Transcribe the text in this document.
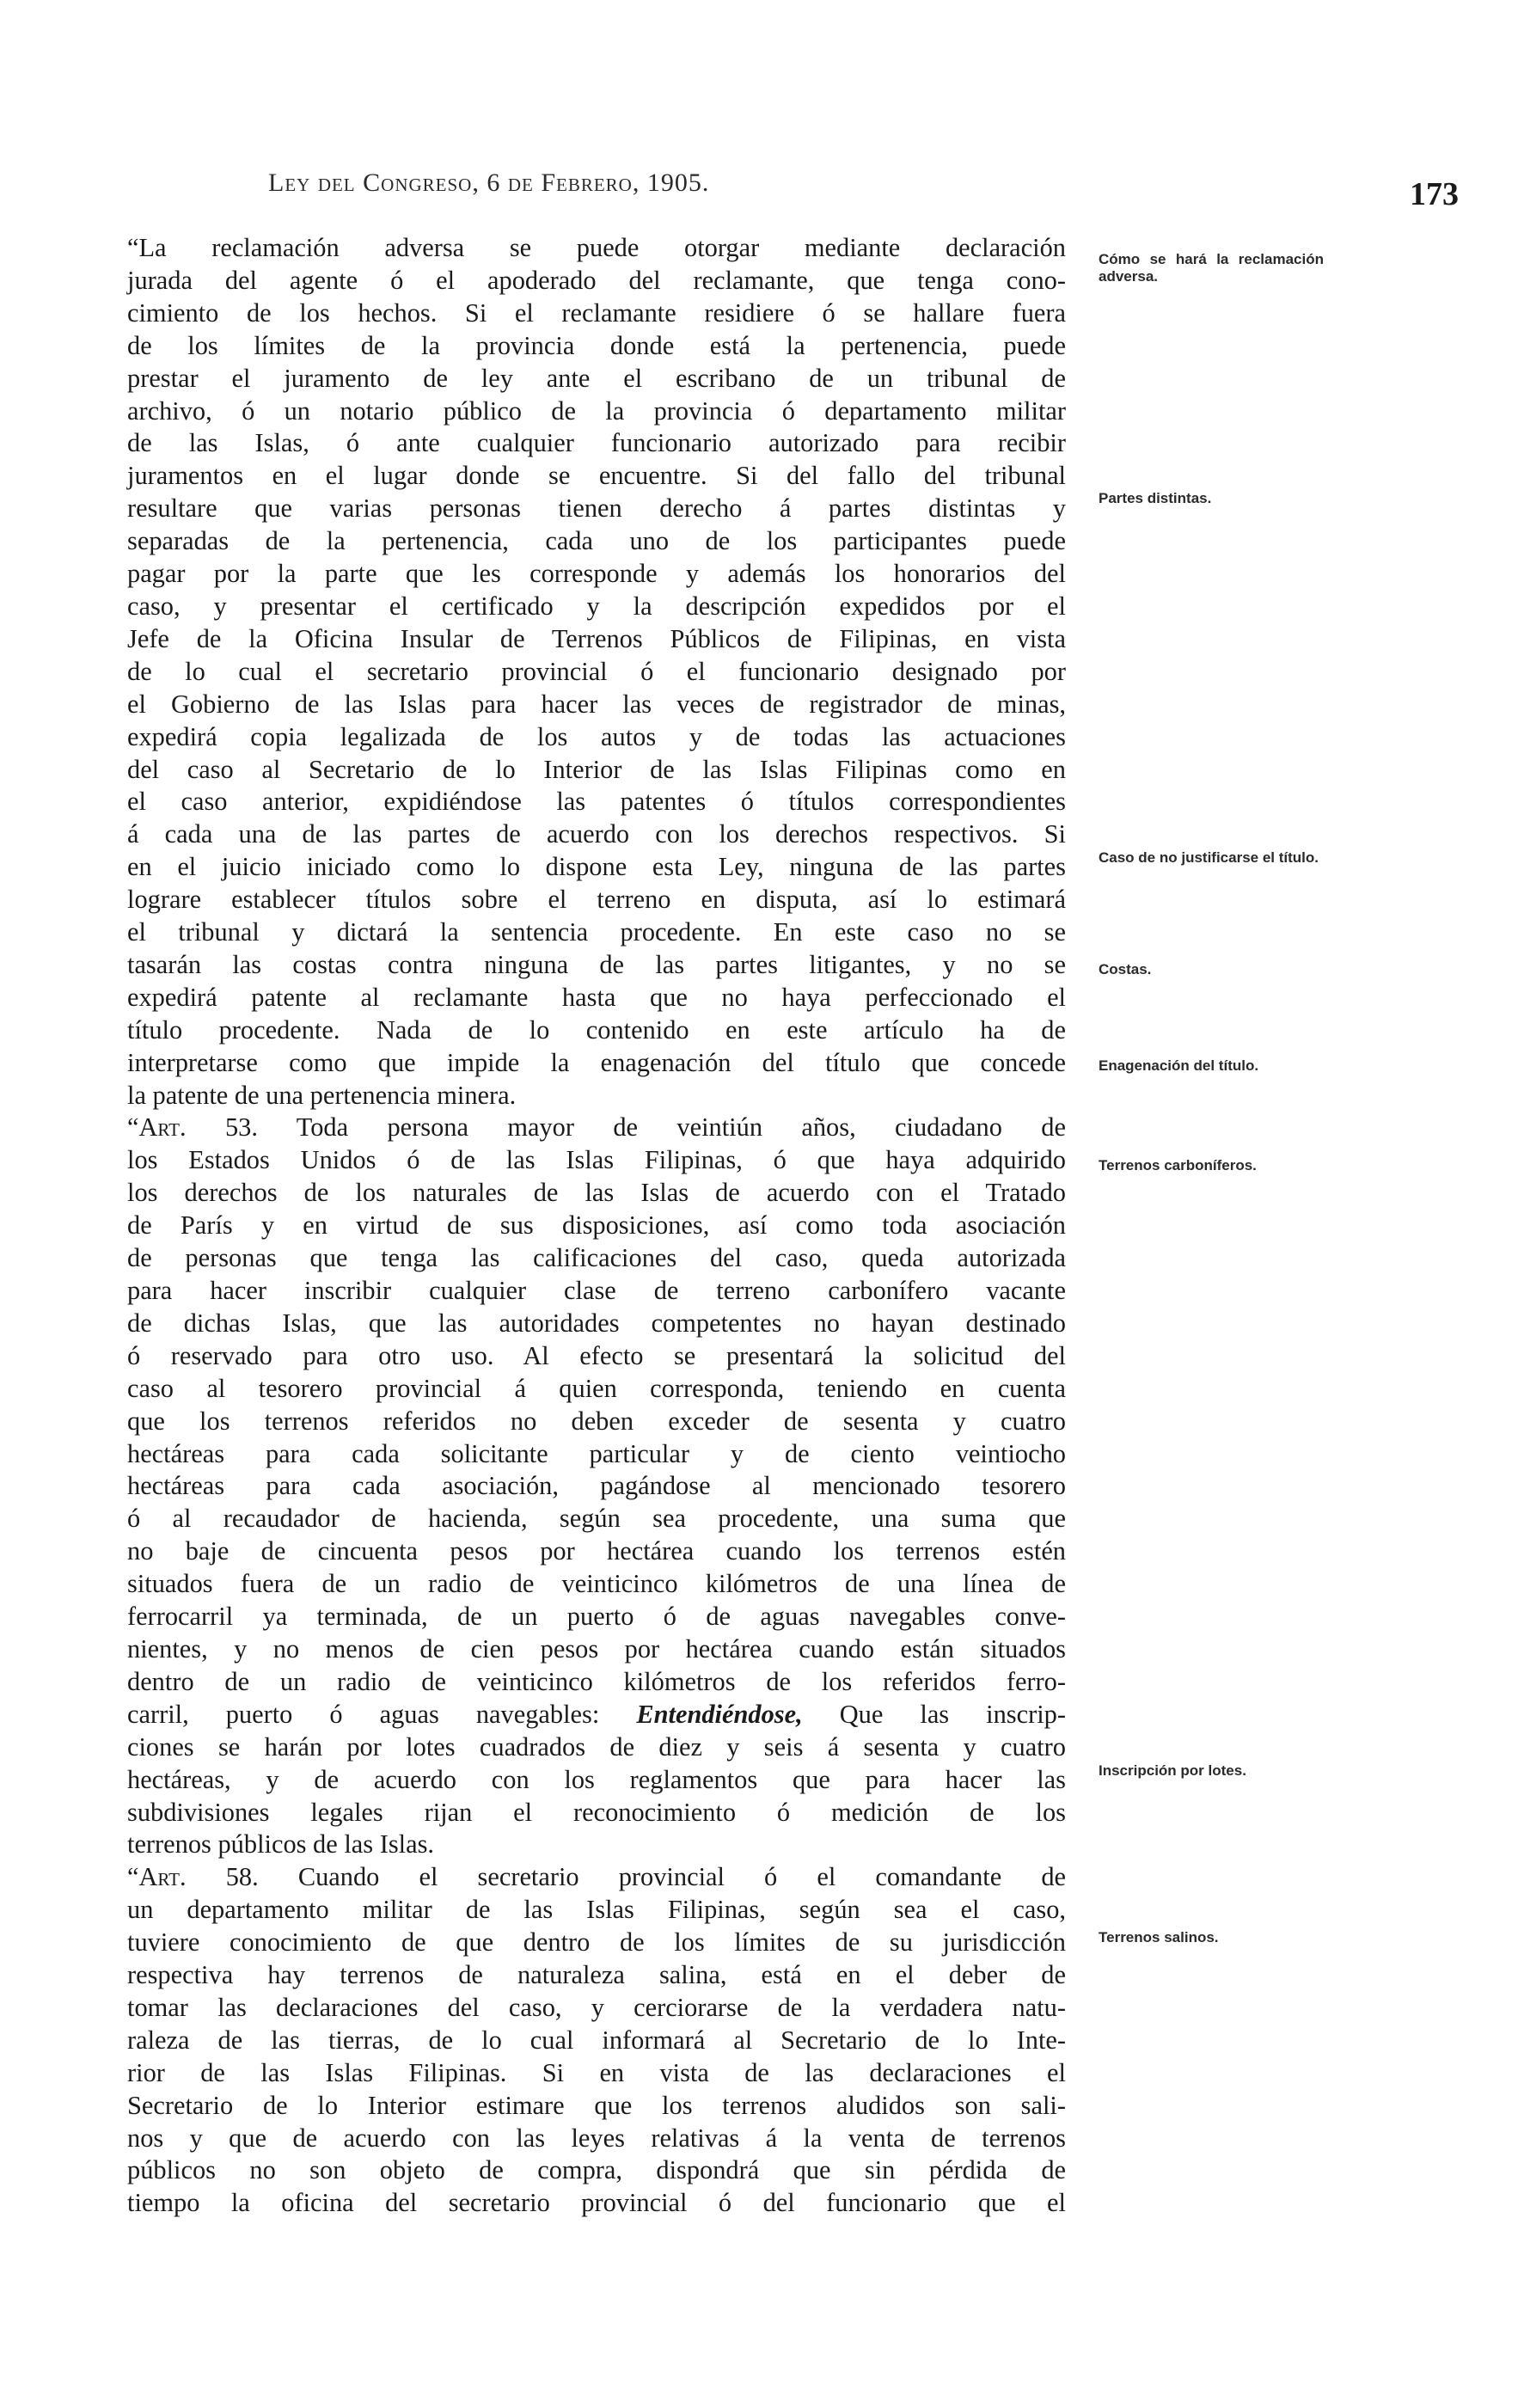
Ley del Congreso, 6 de Febrero, 1905.	173

“La reclamación adversa se puede otorgar mediante declaración
jurada del agente ó el apoderado del reclamante, que tenga cono-
cimiento de los hechos. Si el reclamante residiere ó se hallare fuera
de los límites de la provincia donde está la pertenencia, puede
prestar el juramento de ley ante el escribano de un tribunal de
archivo, ó un notario público de la provincia ó departamento militar
de las Islas, ó ante cualquier funcionario autorizado para recibir
juramentos en el lugar donde se encuentre. Si del fallo del tribunal
resultare que varias personas tienen derecho á partes distintas y
separadas de la pertenencia, cada uno de los participantes puede
pagar por la parte que les corresponde y además los honorarios del
caso, y presentar el certificado y la descripción expedidos por el
Jefe de la Oficina Insular de Terrenos Públicos de Filipinas, en vista
de lo cual el secretario provincial ó el funcionario designado por
el Gobierno de las Islas para hacer las veces de registrador de minas,
expedirá copia legalizada de los autos y de todas las actuaciones
del caso al Secretario de lo Interior de las Islas Filipinas como en
el caso anterior, expidiéndose las patentes ó títulos correspondientes
á cada una de las partes de acuerdo con los derechos respectivos. Si
en el juicio iniciado como lo dispone esta Ley, ninguna de las partes
lograre establecer títulos sobre el terreno en disputa, así lo estimará
el tribunal y dictará la sentencia procedente. En este caso no se
tasarán las costas contra ninguna de las partes litigantes, y no se
expedirá patente al reclamante hasta que no haya perfeccionado el
título procedente. Nada de lo contenido en este artículo ha de
interpretarse como que impide la enagenación del título que concede
la patente de una pertenencia minera.

“Art. 53. Toda persona mayor de veintiún años, ciudadano de
los Estados Unidos ó de las Islas Filipinas, ó que haya adquirido
los derechos de los naturales de las Islas de acuerdo con el Tratado
de París y en virtud de sus disposiciones, así como toda asociación
de personas que tenga las calificaciones del caso, queda autorizada
para hacer inscribir cualquier clase de terreno carbonífero vacante
de dichas Islas, que las autoridades competentes no hayan destinado
ó reservado para otro uso. Al efecto se presentará la solicitud del
caso al tesorero provincial á quien corresponda, teniendo en cuenta
que los terrenos referidos no deben exceder de sesenta y cuatro
hectáreas para cada solicitante particular y de ciento veintiocho
hectáreas para cada asociación, pagándose al mencionado tesorero
ó al recaudador de hacienda, según sea procedente, una suma que
no baje de cincuenta pesos por hectárea cuando los terrenos estén
situados fuera de un radio de veinticinco kilómetros de una línea de
ferrocarril ya terminada, de un puerto ó de aguas navegables conve-
nientes, y no menos de cien pesos por hectárea cuando están situados
dentro de un radio de veinticinco kilómetros de los referidos ferro-
carril, puerto ó aguas navegables: Entendiéndose, Que las inscrip-
ciones se harán por lotes cuadrados de diez y seis á sesenta y cuatro
hectáreas, y de acuerdo con los reglamentos que para hacer las
subdivisiones legales rijan el reconocimiento ó medición de los
terrenos públicos de las Islas.

“Art. 58. Cuando el secretario provincial ó el comandante de
un departamento militar de las Islas Filipinas, según sea el caso,
tuviere conocimiento de que dentro de los límites de su jurisdicción
respectiva hay terrenos de naturaleza salina, está en el deber de
tomar las declaraciones del caso, y cerciorarse de la verdadera natu-
raleza de las tierras, de lo cual informará al Secretario de lo Inte-
rior de las Islas Filipinas. Si en vista de las declaraciones el
Secretario de lo Interior estimare que los terrenos aludidos son sali-
nos y que de acuerdo con las leyes relativas á la venta de terrenos
públicos no son objeto de compra, dispondrá que sin pérdida de
tiempo la oficina del secretario provincial ó del funcionario que el

Cómo se hará la reclamación adversa.
Partes distintas.
Caso de no justificarse el título.
Costas.
Enagenación del título.
Terrenos carboníferos.
Inscripción por lotes.
Terrenos salinos.
